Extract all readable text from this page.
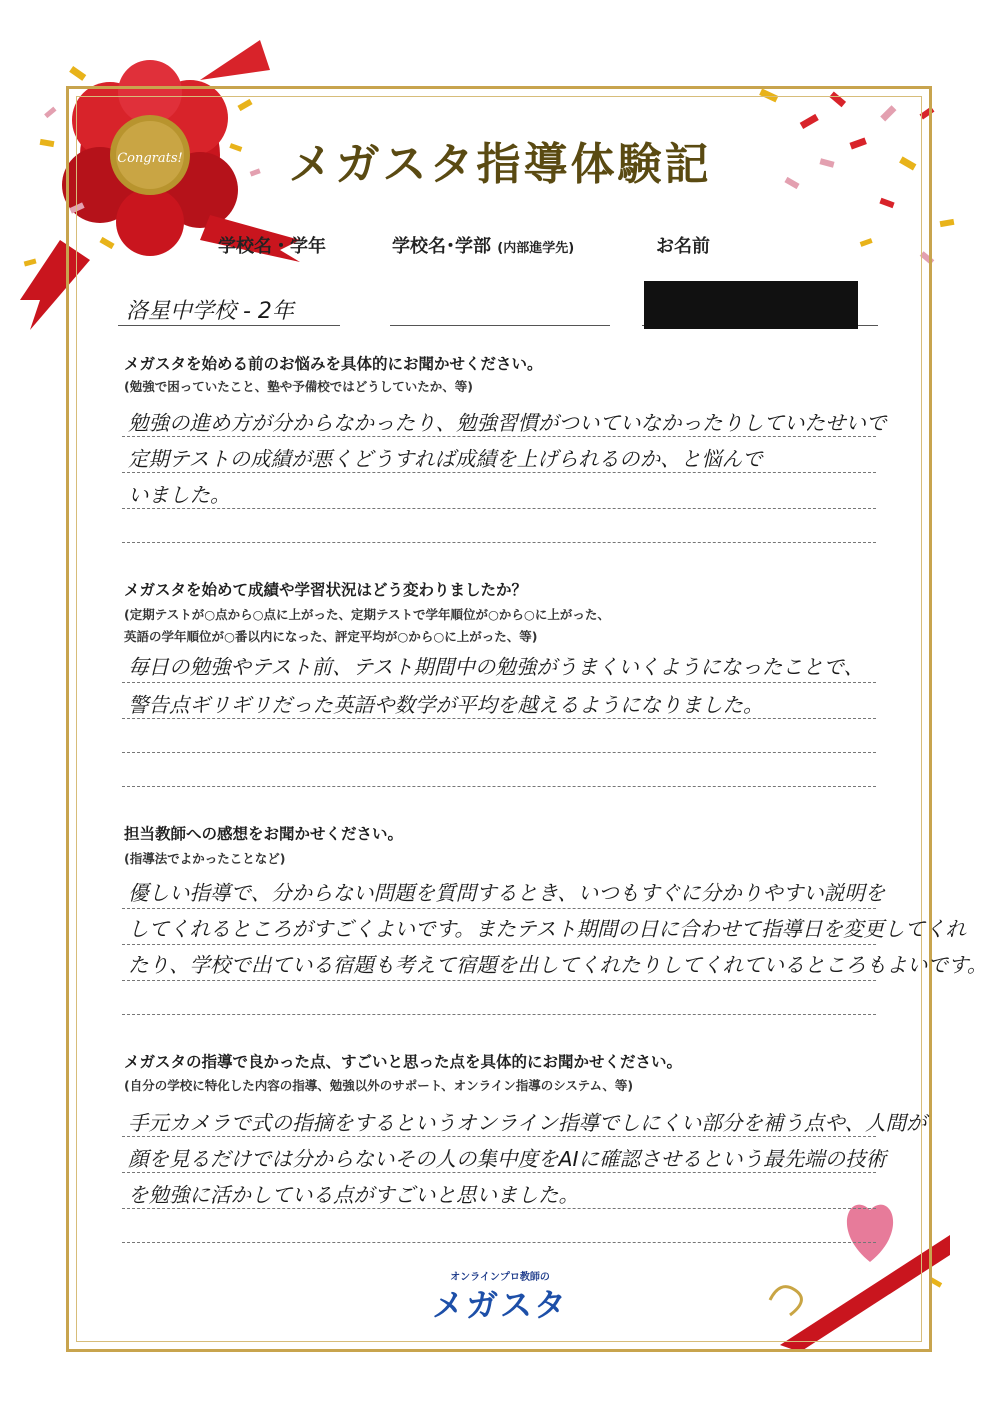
Congrats!	メガスタ指導体験記
学校名・学年	学校名･学部 (内部進学先)	お名前
洛星中学校 - 2年
メガスタを始める前のお悩みを具体的にお聞かせください。
(勉強で困っていたこと、塾や予備校ではどうしていたか、等)
勉強の進め方が分からなかったり、勉強習慣がついていなかったりしていたせいで
定期テストの成績が悪くどうすれば成績を上げられるのか、と悩んで
いました。
メガスタを始めて成績や学習状況はどう変わりましたか？
(定期テストが○点から○点に上がった、定期テストで学年順位が○から○に上がった、
英語の学年順位が○番以内になった、評定平均が○から○に上がった、等)
毎日の勉強やテスト前、テスト期間中の勉強がうまくいくようになったことで、
警告点ギリギリだった英語や数学が平均を越えるようになりました。
担当教師への感想をお聞かせください。
(指導法でよかったことなど)
優しい指導で、分からない問題を質問するとき、いつもすぐに分かりやすい説明を
してくれるところがすごくよいです。またテスト期間の日に合わせて指導日を変更してくれ
たり、学校で出ている宿題も考えて宿題を出してくれたりしてくれているところもよいです。
メガスタの指導で良かった点、すごいと思った点を具体的にお聞かせください。
(自分の学校に特化した内容の指導、勉強以外のサポート、オンライン指導のシステム、等)
手元カメラで式の指摘をするというオンライン指導でしにくい部分を補う点や、人間が
顔を見るだけでは分からないその人の集中度をAIに確認させるという最先端の技術
を勉強に活かしている点がすごいと思いました。
オンラインプロ教師の
メガスタ
